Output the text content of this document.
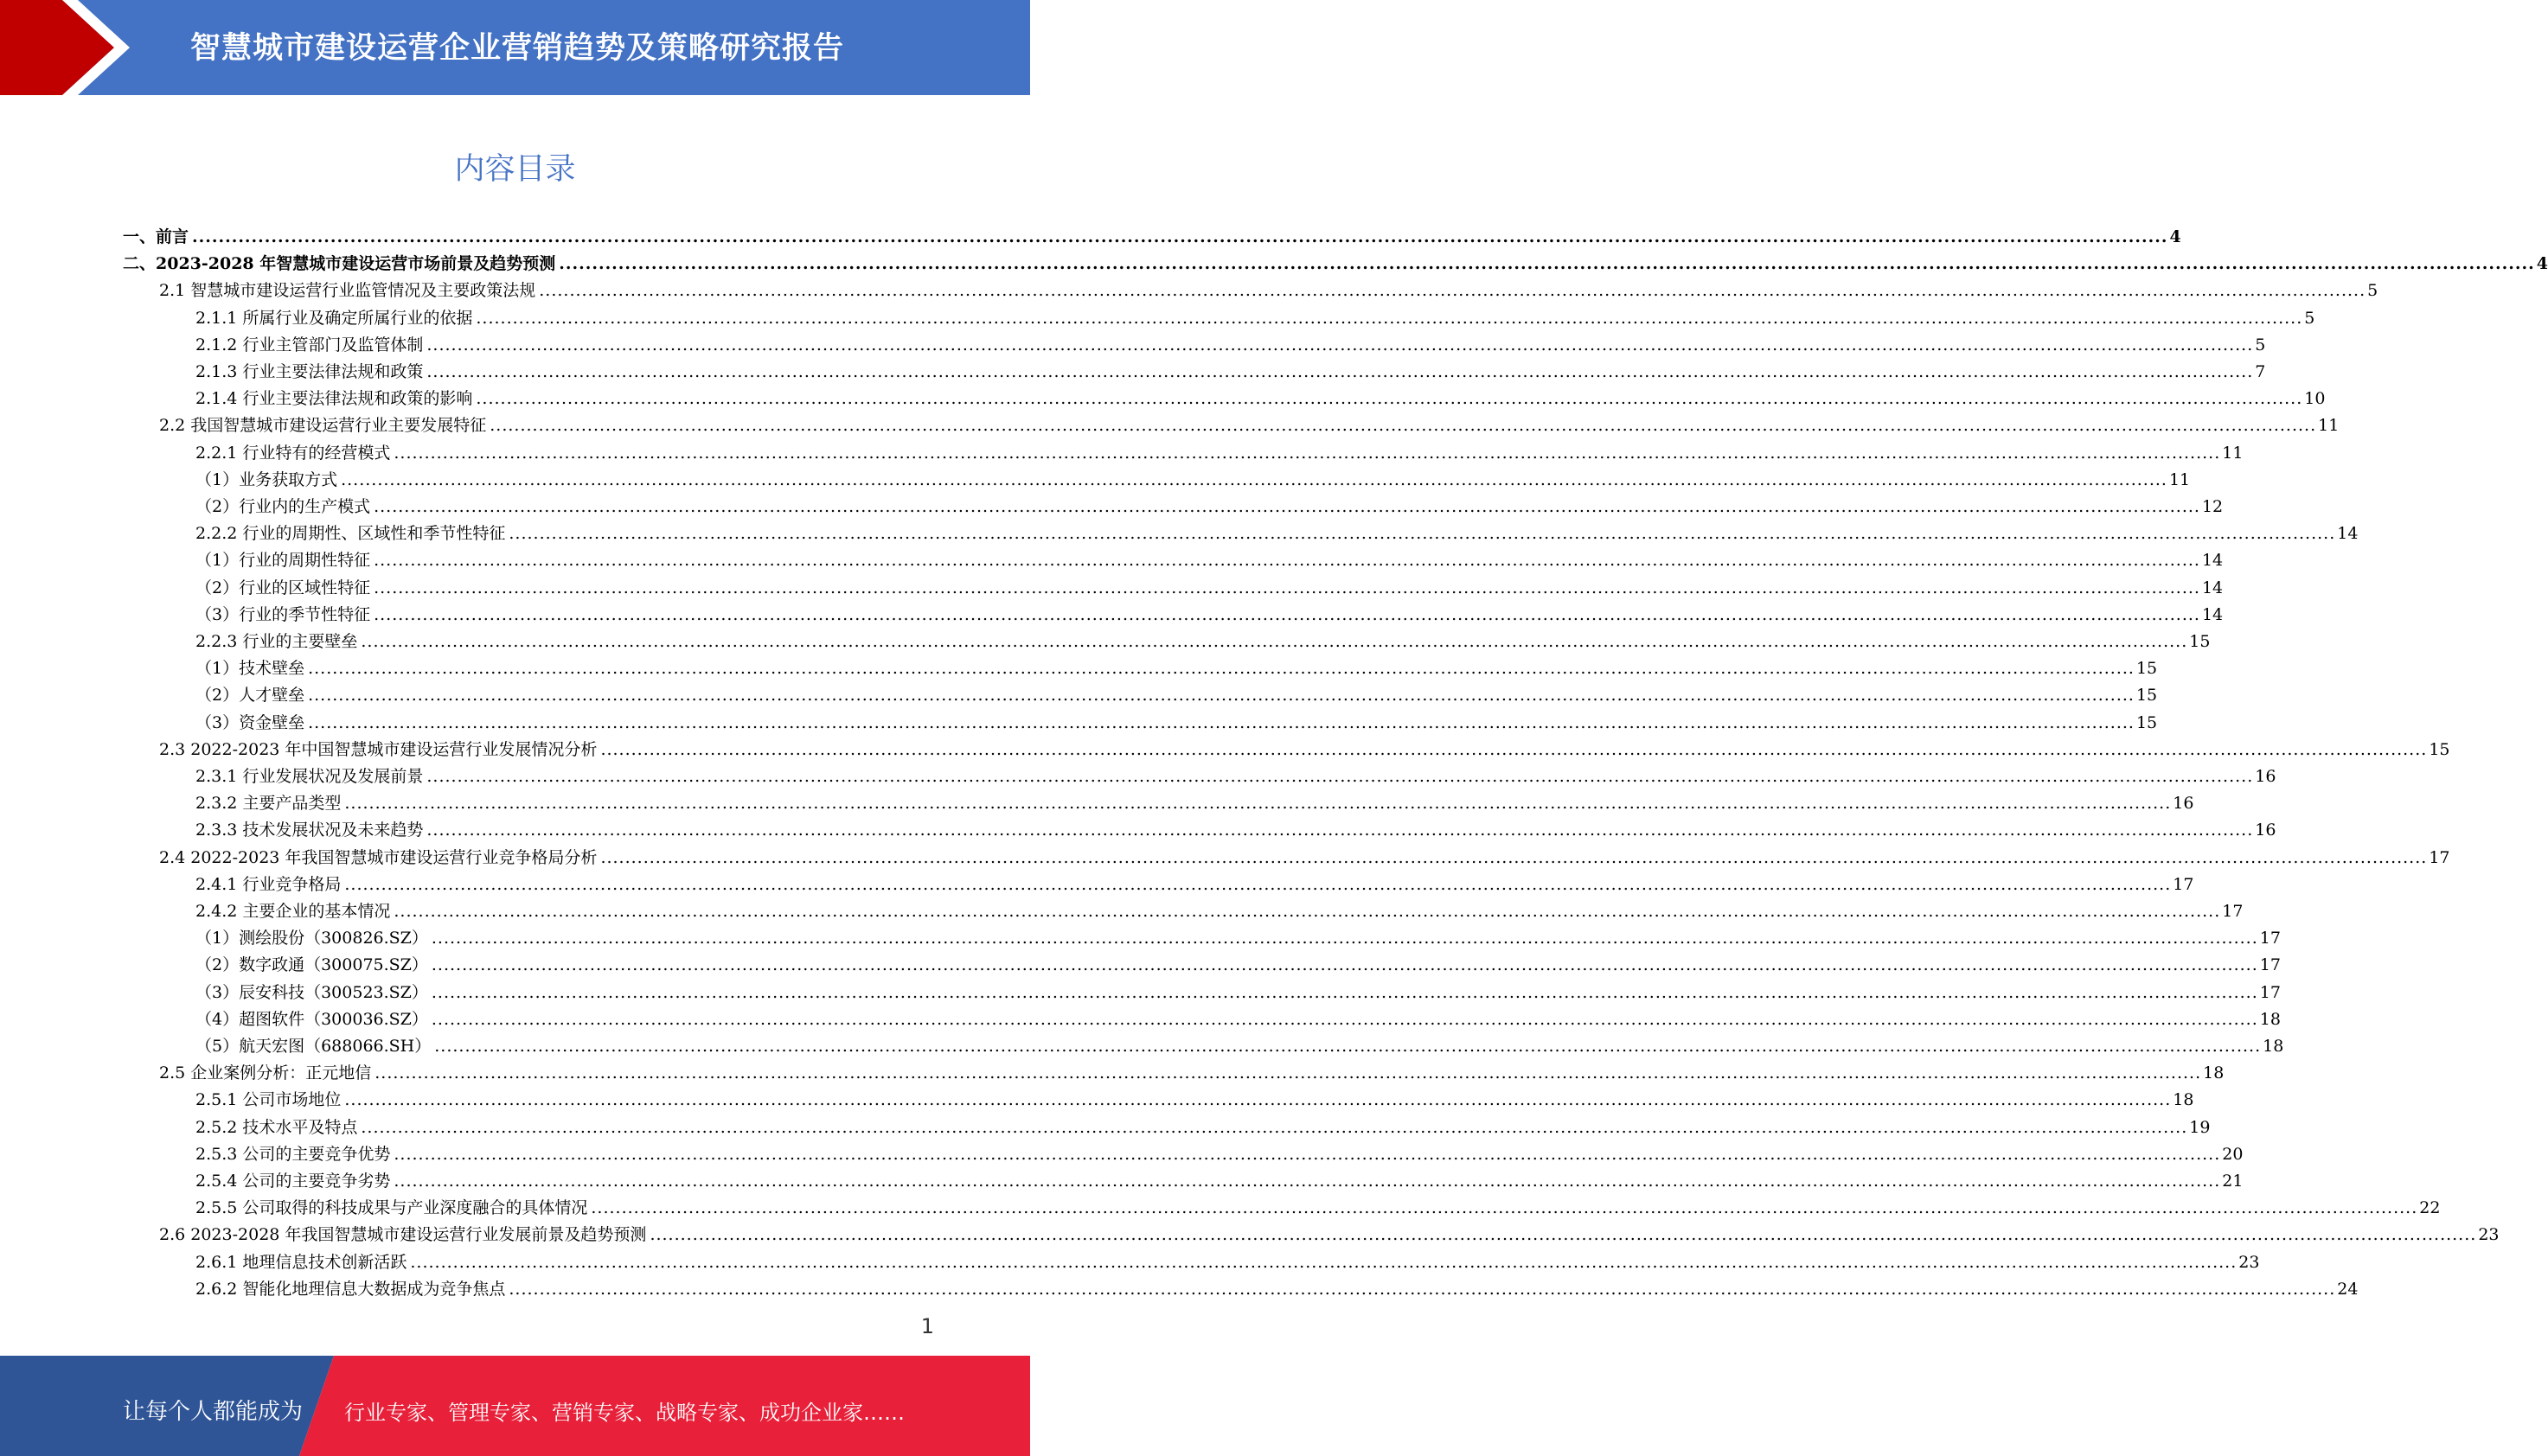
智慧城市建设运营企业营销趋势及策略研究报告
内容目录
一、前言 ............................................................................................................................................................................................................................................................................................................ 4
二、2023-2028 年智慧城市建设运营市场前景及趋势预测 ............................................................................................................................................................................................................................................................................................................ 4
2.1 智慧城市建设运营行业监管情况及主要政策法规 ............................................................................................................................................................................................................................................................................................................ 5
2.1.1 所属行业及确定所属行业的依据 ............................................................................................................................................................................................................................................................................................................ 5
2.1.2 行业主管部门及监管体制 ............................................................................................................................................................................................................................................................................................................ 5
2.1.3 行业主要法律法规和政策 ............................................................................................................................................................................................................................................................................................................ 7
2.1.4 行业主要法律法规和政策的影响 ............................................................................................................................................................................................................................................................................................................ 10
2.2 我国智慧城市建设运营行业主要发展特征 ............................................................................................................................................................................................................................................................................................................ 11
2.2.1 行业特有的经营模式 ............................................................................................................................................................................................................................................................................................................ 11
（1）业务获取方式 ............................................................................................................................................................................................................................................................................................................ 11
（2）行业内的生产模式 ............................................................................................................................................................................................................................................................................................................ 12
2.2.2 行业的周期性、区域性和季节性特征 ............................................................................................................................................................................................................................................................................................................ 14
（1）行业的周期性特征 ............................................................................................................................................................................................................................................................................................................ 14
（2）行业的区域性特征 ............................................................................................................................................................................................................................................................................................................ 14
（3）行业的季节性特征 ............................................................................................................................................................................................................................................................................................................ 14
2.2.3 行业的主要壁垒 ............................................................................................................................................................................................................................................................................................................ 15
（1）技术壁垒 ............................................................................................................................................................................................................................................................................................................ 15
（2）人才壁垒 ............................................................................................................................................................................................................................................................................................................ 15
（3）资金壁垒 ............................................................................................................................................................................................................................................................................................................ 15
2.3 2022-2023 年中国智慧城市建设运营行业发展情况分析 ............................................................................................................................................................................................................................................................................................................ 15
2.3.1 行业发展状况及发展前景 ............................................................................................................................................................................................................................................................................................................ 16
2.3.2 主要产品类型 ............................................................................................................................................................................................................................................................................................................ 16
2.3.3 技术发展状况及未来趋势 ............................................................................................................................................................................................................................................................................................................ 16
2.4 2022-2023 年我国智慧城市建设运营行业竞争格局分析 ............................................................................................................................................................................................................................................................................................................ 17
2.4.1 行业竞争格局 ............................................................................................................................................................................................................................................................................................................ 17
2.4.2 主要企业的基本情况 ............................................................................................................................................................................................................................................................................................................ 17
（1）测绘股份（300826.SZ） ............................................................................................................................................................................................................................................................................................................ 17
（2）数字政通（300075.SZ） ............................................................................................................................................................................................................................................................................................................ 17
（3）辰安科技（300523.SZ） ............................................................................................................................................................................................................................................................................................................ 17
（4）超图软件（300036.SZ） ............................................................................................................................................................................................................................................................................................................ 18
（5）航天宏图（688066.SH） ............................................................................................................................................................................................................................................................................................................ 18
2.5 企业案例分析：正元地信 ............................................................................................................................................................................................................................................................................................................ 18
2.5.1 公司市场地位 ............................................................................................................................................................................................................................................................................................................ 18
2.5.2 技术水平及特点 ............................................................................................................................................................................................................................................................................................................ 19
2.5.3 公司的主要竞争优势 ............................................................................................................................................................................................................................................................................................................ 20
2.5.4 公司的主要竞争劣势 ............................................................................................................................................................................................................................................................................................................ 21
2.5.5 公司取得的科技成果与产业深度融合的具体情况 ............................................................................................................................................................................................................................................................................................................ 22
2.6 2023-2028 年我国智慧城市建设运营行业发展前景及趋势预测 ............................................................................................................................................................................................................................................................................................................ 23
2.6.1 地理信息技术创新活跃 ............................................................................................................................................................................................................................................................................................................ 23
2.6.2 智能化地理信息大数据成为竞争焦点 ............................................................................................................................................................................................................................................................................................................ 24
1
让每个人都能成为 行业专家、管理专家、营销专家、战略专家、成功企业家……
